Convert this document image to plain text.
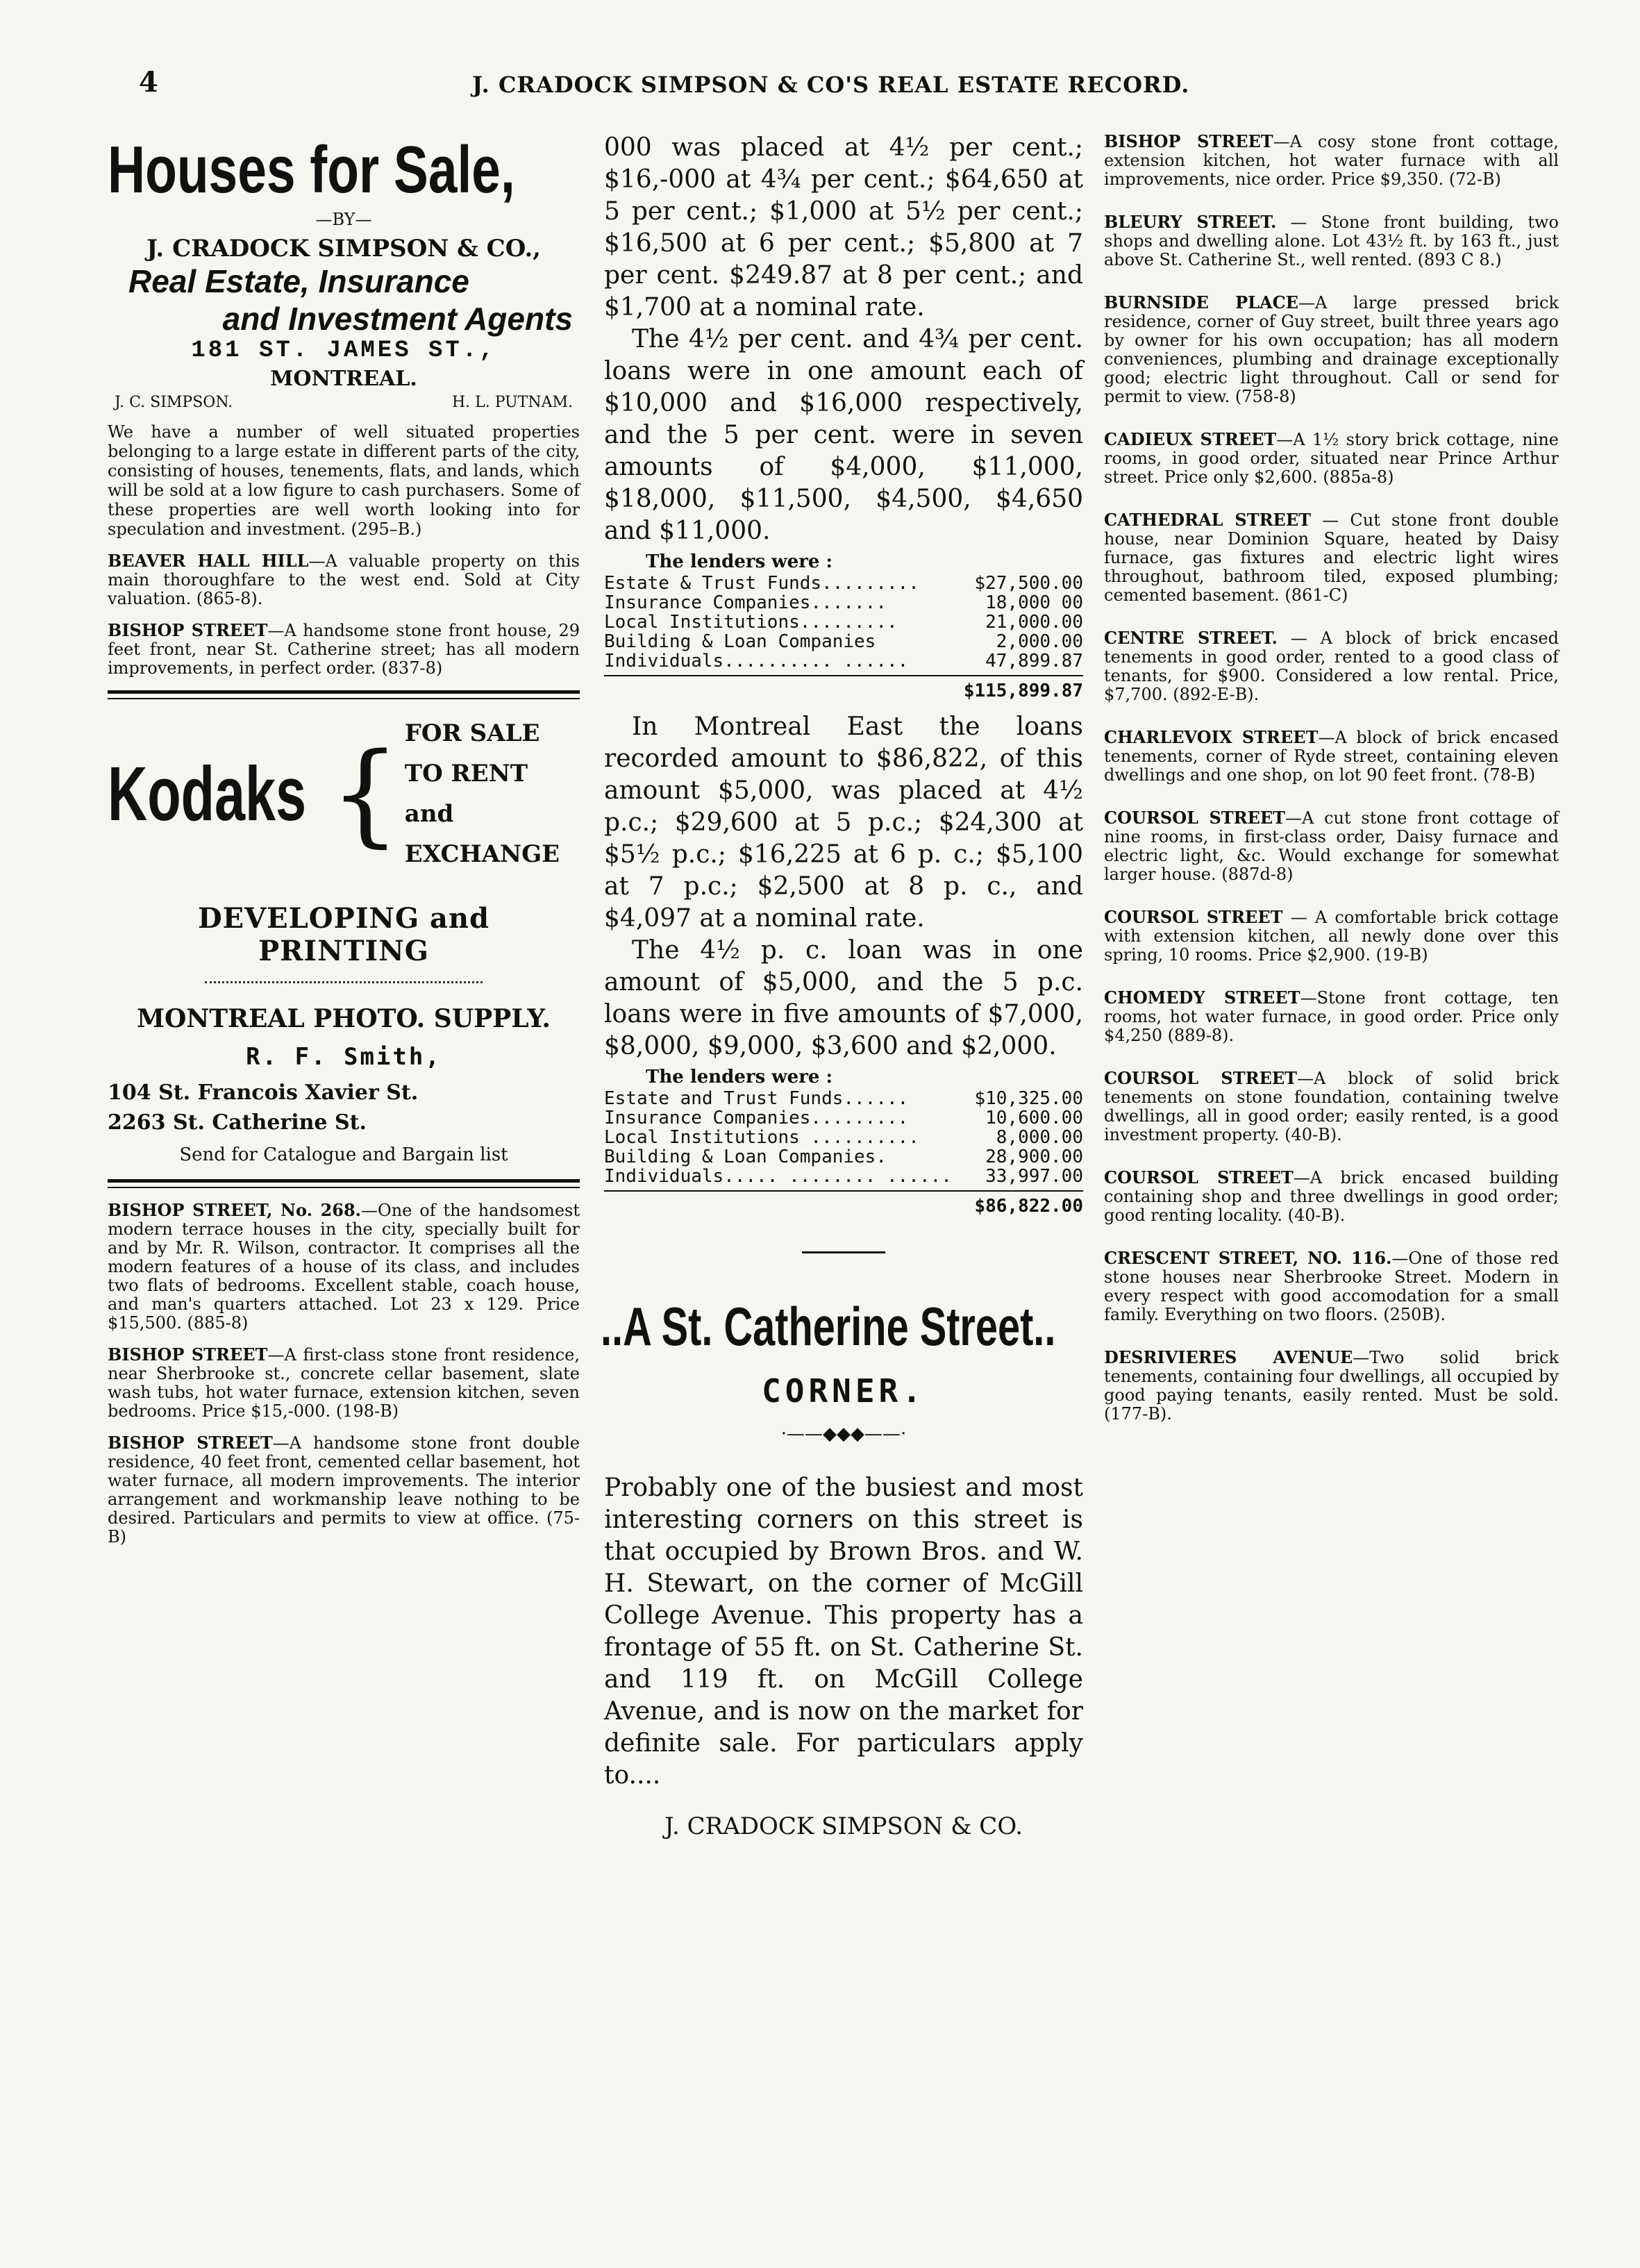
4	J. CRADOCK SIMPSON & CO'S REAL ESTATE RECORD.
Houses for Sale,
—BY—
J. CRADOCK SIMPSON & CO.,
Real Estate, Insurance
and Investment Agents
181 ST. JAMES ST.,
MONTREAL.
J. C. SIMPSON.	H. L. PUTNAM.
We have a number of well situated properties belonging to a large estate in different parts of the city, consisting of houses, tenements, flats, and lands, which will be sold at a low figure to cash purchasers. Some of these properties are well worth looking into for speculation and investment. (295–B.)
BEAVER HALL HILL—A valuable property on this main thoroughfare to the west end. Sold at City valuation. (865-8).
BISHOP STREET—A handsome stone front house, 29 feet front, near St. Catherine street; has all modern improvements, in perfect order. (837-8)
Kodaks { FOR SALE
TO RENT
and EXCHANGE
DEVELOPING and PRINTING
MONTREAL PHOTO. SUPPLY.
R. F. Smith,
104 St. Francois Xavier St.
2263 St. Catherine St.
Send for Catalogue and Bargain list
BISHOP STREET, No. 268.—One of the handsomest modern terrace houses in the city, specially built for and by Mr. R. Wilson, contractor. It comprises all the modern features of a house of its class, and includes two flats of bedrooms. Excellent stable, coach house, and man's quarters attached. Lot 23 x 129. Price $15,500. (885-8)
BISHOP STREET—A first-class stone front residence, near Sherbrooke st., concrete cellar basement, slate wash tubs, hot water furnace, extension kitchen, seven bedrooms. Price $15,-000. (198-B)
BISHOP STREET—A handsome stone front double residence, 40 feet front, cemented cellar basement, hot water furnace, all modern improvements. The interior arrangement and workmanship leave nothing to be desired. Particulars and permits to view at office. (75-B)
000 was placed at 4½ per cent.; $16,-000 at 4¾ per cent.; $64,650 at 5 per cent.; $1,000 at 5½ per cent.; $16,500 at 6 per cent.; $5,800 at 7 per cent. $249.87 at 8 per cent.; and $1,700 at a nominal rate.
The 4½ per cent. and 4¾ per cent. loans were in one amount each of $10,000 and $16,000 respectively, and the 5 per cent. were in seven amounts of $4,000, $11,000, $18,000, $11,500, $4,500, $4,650 and $11,000.
The lenders were :
Estate & Trust Funds.........	$27,500.00
Insurance Companies.......	18,000 00
Local Institutions.........	21,000.00
Building & Loan Companies	2,000.00
Individuals.......... ......	47,899.87
$115,899.87
In Montreal East the loans recorded amount to $86,822, of this amount $5,000, was placed at 4½ p.c.; $29,600 at 5 p.c.; $24,300 at $5½ p.c.; $16,225 at 6 p. c.; $5,100 at 7 p.c.; $2,500 at 8 p. c., and $4,097 at a nominal rate.
The 4½ p. c. loan was in one amount of $5,000, and the 5 p.c. loans were in five amounts of $7,000, $8,000, $9,000, $3,600 and $2,000.
The lenders were :
Estate and Trust Funds......	$10,325.00
Insurance Companies.........	10,600.00
Local Institutions ..........	8,000.00
Building & Loan Companies.	28,900.00
Individuals..... ........ ......	33,997.00
$86,822.00
..A St. Catherine Street..
CORNER.
·——◆◆◆——·
Probably one of the busiest and most interesting corners on this street is that occupied by Brown Bros. and W. H. Stewart, on the corner of McGill College Avenue. This property has a frontage of 55 ft. on St. Catherine St. and 119 ft. on McGill College Avenue, and is now on the market for definite sale. For particulars apply to....
J. CRADOCK SIMPSON & CO.
BISHOP STREET—A cosy stone front cottage, extension kitchen, hot water furnace with all improvements, nice order. Price $9,350. (72-B)
BLEURY STREET. — Stone front building, two shops and dwelling alone. Lot 43½ ft. by 163 ft., just above St. Catherine St., well rented. (893 C 8.)
BURNSIDE PLACE—A large pressed brick residence, corner of Guy street, built three years ago by owner for his own occupation; has all modern conveniences, plumbing and drainage exceptionally good; electric light throughout. Call or send for permit to view. (758-8)
CADIEUX STREET—A 1½ story brick cottage, nine rooms, in good order, situated near Prince Arthur street. Price only $2,600. (885a-8)
CATHEDRAL STREET — Cut stone front double house, near Dominion Square, heated by Daisy furnace, gas fixtures and electric light wires throughout, bathroom tiled, exposed plumbing; cemented basement. (861-C)
CENTRE STREET. — A block of brick encased tenements in good order, rented to a good class of tenants, for $900. Considered a low rental. Price, $7,700. (892-E-B).
CHARLEVOIX STREET—A block of brick encased tenements, corner of Ryde street, containing eleven dwellings and one shop, on lot 90 feet front. (78-B)
COURSOL STREET—A cut stone front cottage of nine rooms, in first-class order, Daisy furnace and electric light, &c. Would exchange for somewhat larger house. (887d-8)
COURSOL STREET — A comfortable brick cottage with extension kitchen, all newly done over this spring, 10 rooms. Price $2,900. (19-B)
CHOMEDY STREET—Stone front cottage, ten rooms, hot water furnace, in good order. Price only $4,250 (889-8).
COURSOL STREET—A block of solid brick tenements on stone foundation, containing twelve dwellings, all in good order; easily rented, is a good investment property. (40-B).
COURSOL STREET—A brick encased building containing shop and three dwellings in good order; good renting locality. (40-B).
CRESCENT STREET, NO. 116.—One of those red stone houses near Sherbrooke Street. Modern in every respect with good accomodation for a small family. Everything on two floors. (250B).
DESRIVIERES AVENUE—Two solid brick tenements, containing four dwellings, all occupied by good paying tenants, easily rented. Must be sold. (177-B).
